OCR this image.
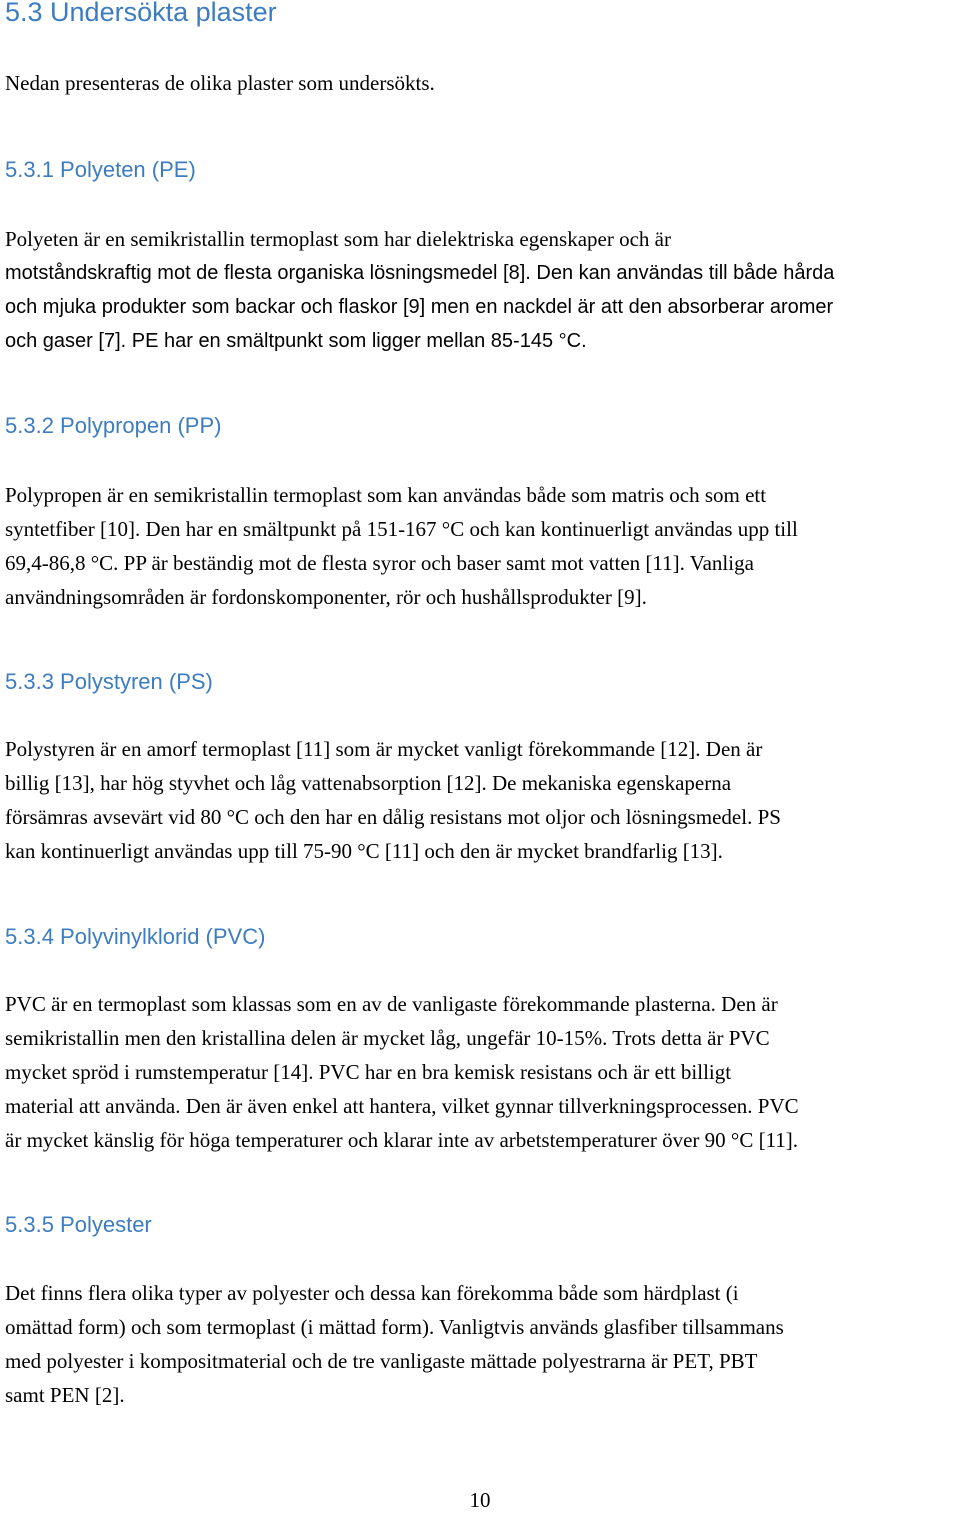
5.3 Undersökta plaster
Nedan presenteras de olika plaster som undersökts.
5.3.1 Polyeten (PE)
Polyeten är en semikristallin termoplast som har dielektriska egenskaper och är
motståndskraftig mot de flesta organiska lösningsmedel [8]. Den kan användas till både hårda
och mjuka produkter som backar och flaskor [9] men en nackdel är att den absorberar aromer
och gaser [7]. PE har en smältpunkt som ligger mellan 85-145 °C.
5.3.2 Polypropen (PP)
Polypropen är en semikristallin termoplast som kan användas både som matris och som ett
syntetfiber [10]. Den har en smältpunkt på 151-167 °C och kan kontinuerligt användas upp till
69,4-86,8 °C. PP är beständig mot de flesta syror och baser samt mot vatten [11]. Vanliga
användningsområden är fordonskomponenter, rör och hushållsprodukter [9].
5.3.3 Polystyren (PS)
Polystyren är en amorf termoplast [11] som är mycket vanligt förekommande [12]. Den är
billig [13], har hög styvhet och låg vattenabsorption [12]. De mekaniska egenskaperna
försämras avsevärt vid 80 °C och den har en dålig resistans mot oljor och lösningsmedel. PS
kan kontinuerligt användas upp till 75-90 °C [11] och den är mycket brandfarlig [13].
5.3.4 Polyvinylklorid (PVC)
PVC är en termoplast som klassas som en av de vanligaste förekommande plasterna. Den är
semikristallin men den kristallina delen är mycket låg, ungefär 10-15%. Trots detta är PVC
mycket spröd i rumstemperatur [14]. PVC har en bra kemisk resistans och är ett billigt
material att använda. Den är även enkel att hantera, vilket gynnar tillverkningsprocessen. PVC
är mycket känslig för höga temperaturer och klarar inte av arbetstemperaturer över 90 °C [11].
5.3.5 Polyester
Det finns flera olika typer av polyester och dessa kan förekomma både som härdplast (i
omättad form) och som termoplast (i mättad form). Vanligtvis används glasfiber tillsammans
med polyester i kompositmaterial och de tre vanligaste mättade polyestrarna är PET, PBT
samt PEN [2].
10
